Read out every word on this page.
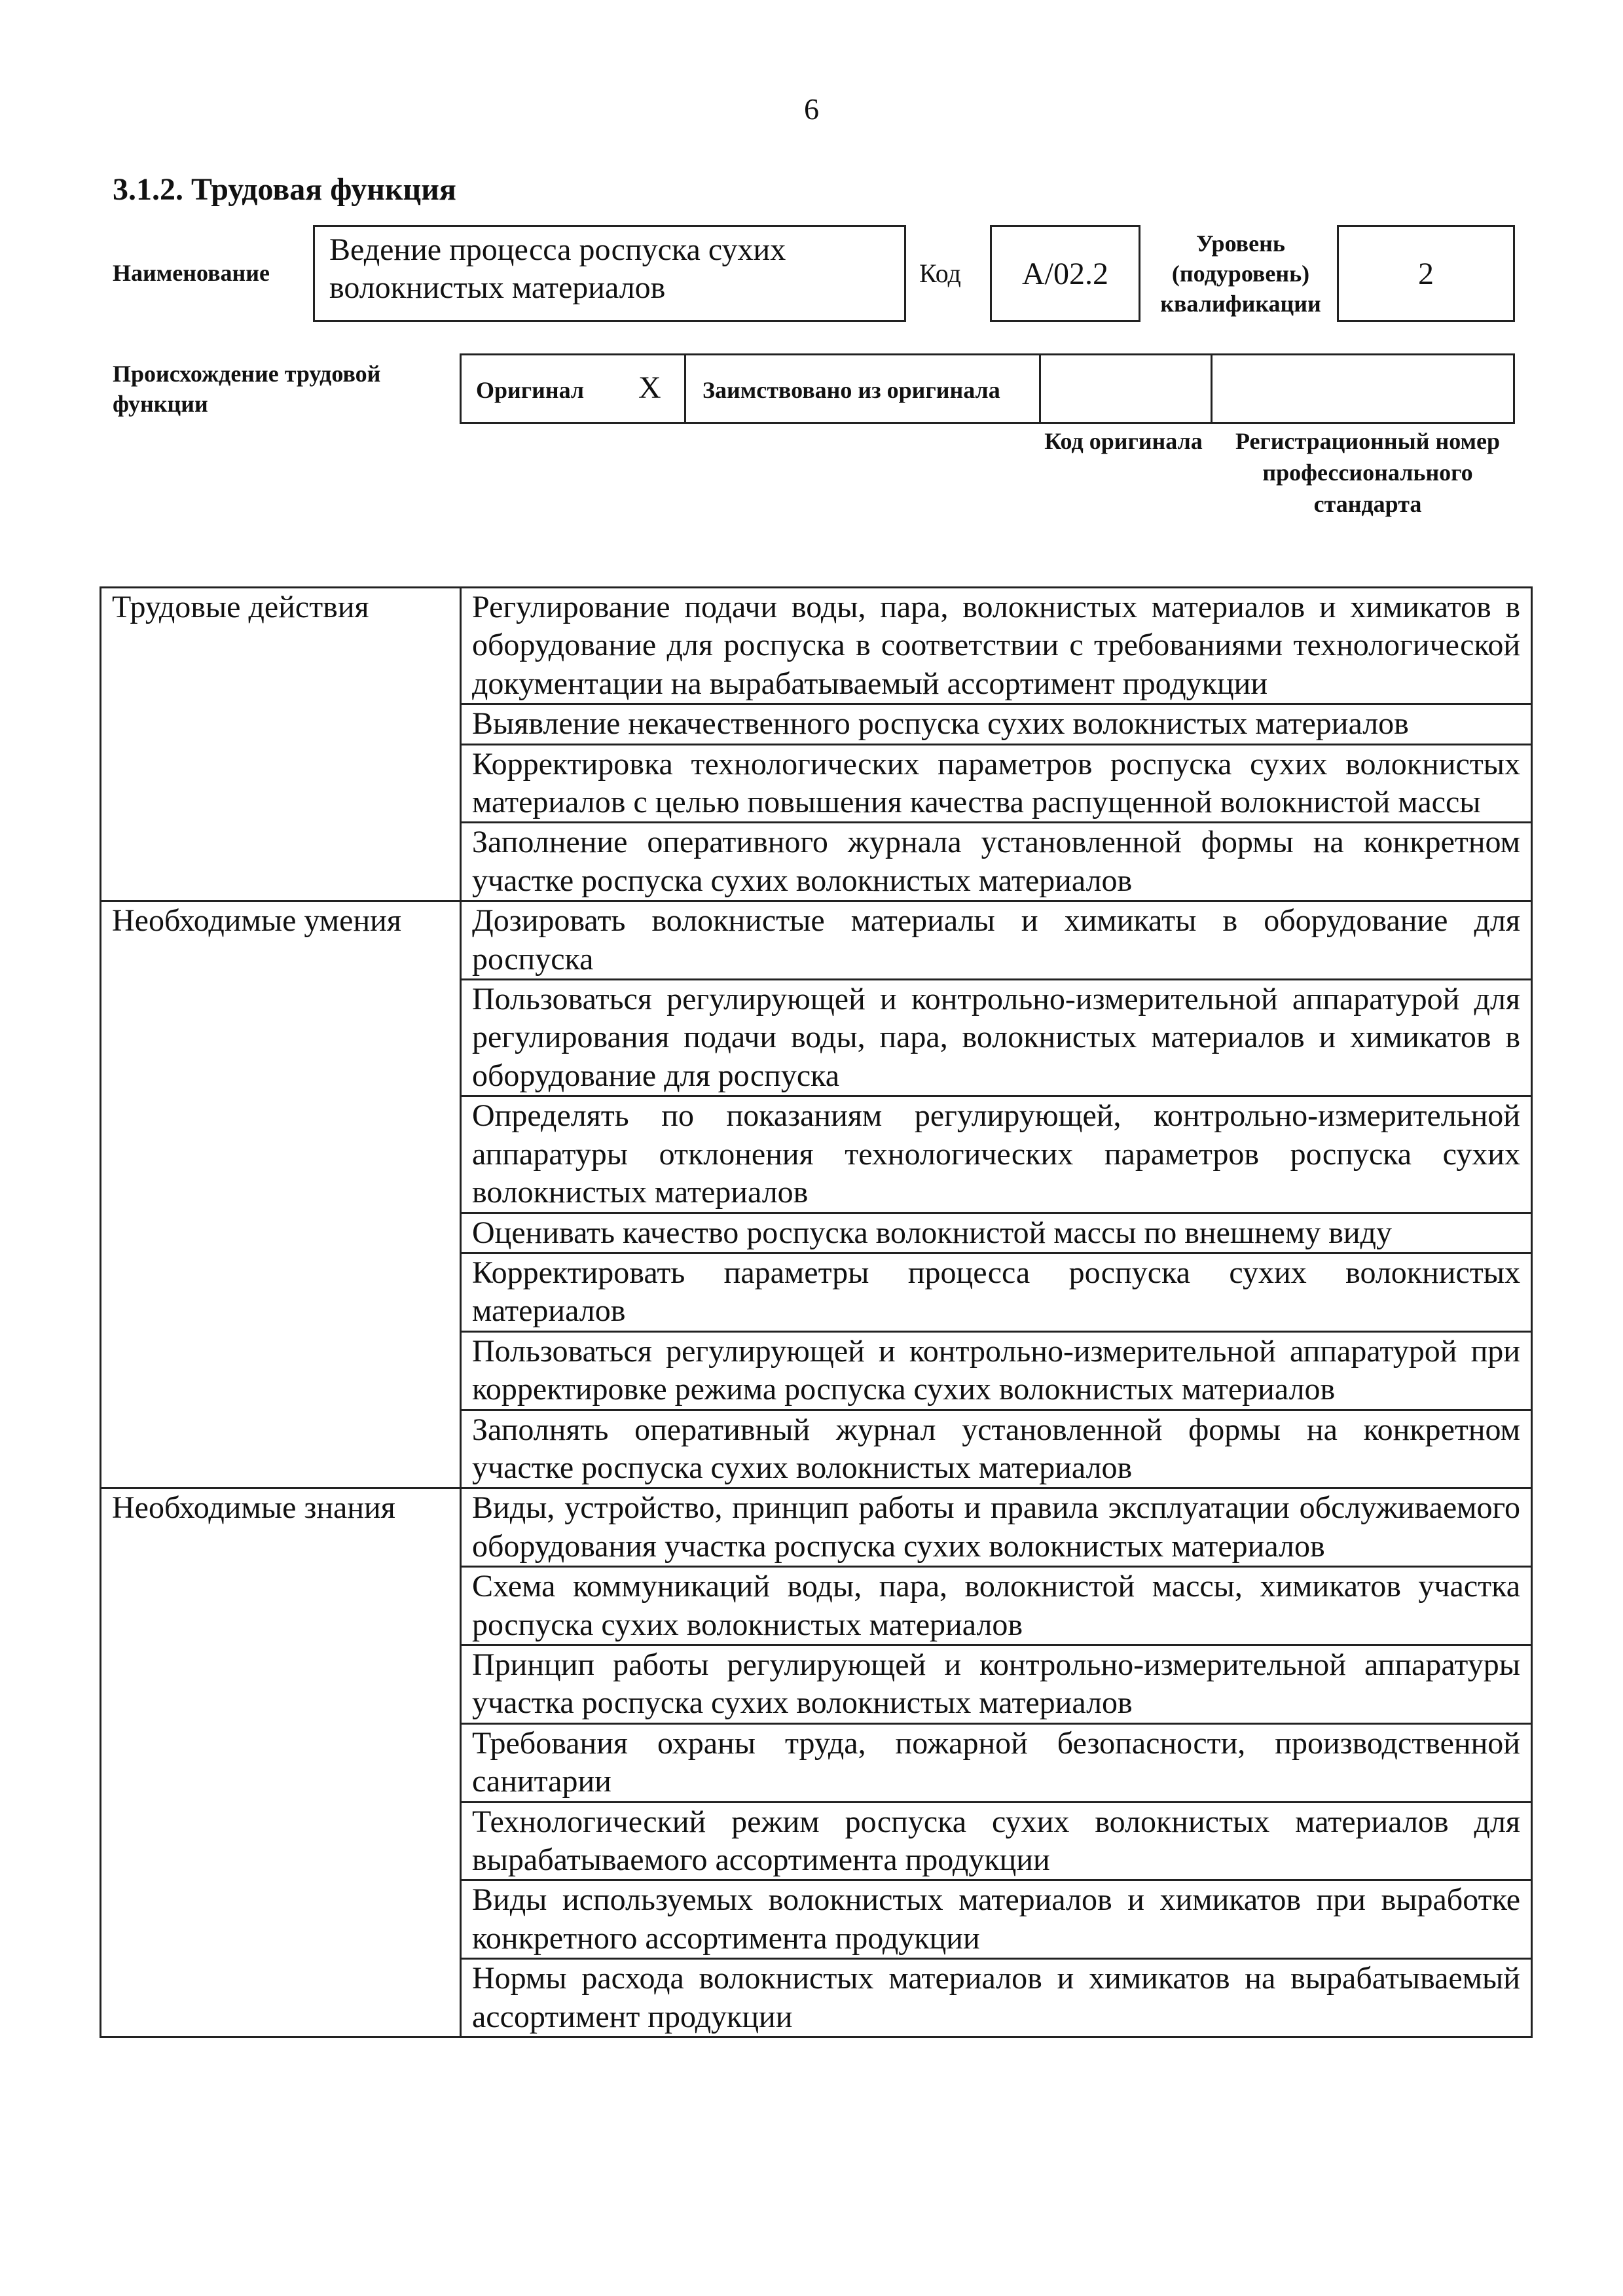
6
3.1.2. Трудовая функция
Наименование
Ведение процесса роспуска сухих волокнистых материалов	Код A/02.2
Уровень (подуровень) квалификации
2
Происхождение трудовой функции
Оригинал X Заимствовано из оригинала
Код оригинала	Регистрационный номер профессионального стандарта
Трудовые действия	Регулирование подачи воды, пара, волокнистых материалов и химикатов в оборудование для роспуска в соответствии с требованиями технологической документации на вырабатываемый ассортимент продукции

	Выявление некачественного роспуска сухих волокнистых материалов

	Корректировка технологических параметров роспуска сухих волокнистых материалов с целью повышения качества распущенной волокнистой массы

	Заполнение оперативного журнала установленной формы на конкретном участке роспуска сухих волокнистых материалов

Необходимые умения	Дозировать волокнистые материалы и химикаты в оборудование для роспуска

	Пользоваться регулирующей и контрольно-измерительной аппаратурой для регулирования подачи воды, пара, волокнистых материалов и химикатов в оборудование для роспуска

	Определять по показаниям регулирующей, контрольно-измерительной аппаратуры отклонения технологических параметров роспуска сухих волокнистых материалов

	Оценивать качество роспуска волокнистой массы по внешнему виду

	Корректировать параметры процесса роспуска сухих волокнистых материалов

	Пользоваться регулирующей и контрольно-измерительной аппаратурой при корректировке режима роспуска сухих волокнистых материалов

	Заполнять оперативный журнал установленной формы на конкретном участке роспуска сухих волокнистых материалов

Необходимые знания	Виды, устройство, принцип работы и правила эксплуатации обслуживаемого оборудования участка роспуска сухих волокнистых материалов

	Схема коммуникаций воды, пара, волокнистой массы, химикатов участка роспуска сухих волокнистых материалов

	Принцип работы регулирующей и контрольно-измерительной аппаратуры участка роспуска сухих волокнистых материалов

	Требования охраны труда, пожарной безопасности, производственной санитарии

	Технологический режим роспуска сухих волокнистых материалов для вырабатываемого ассортимента продукции

	Виды используемых волокнистых материалов и химикатов при выработке конкретного ассортимента продукции

	Нормы расхода волокнистых материалов и химикатов на вырабатываемый ассортимент продукции
